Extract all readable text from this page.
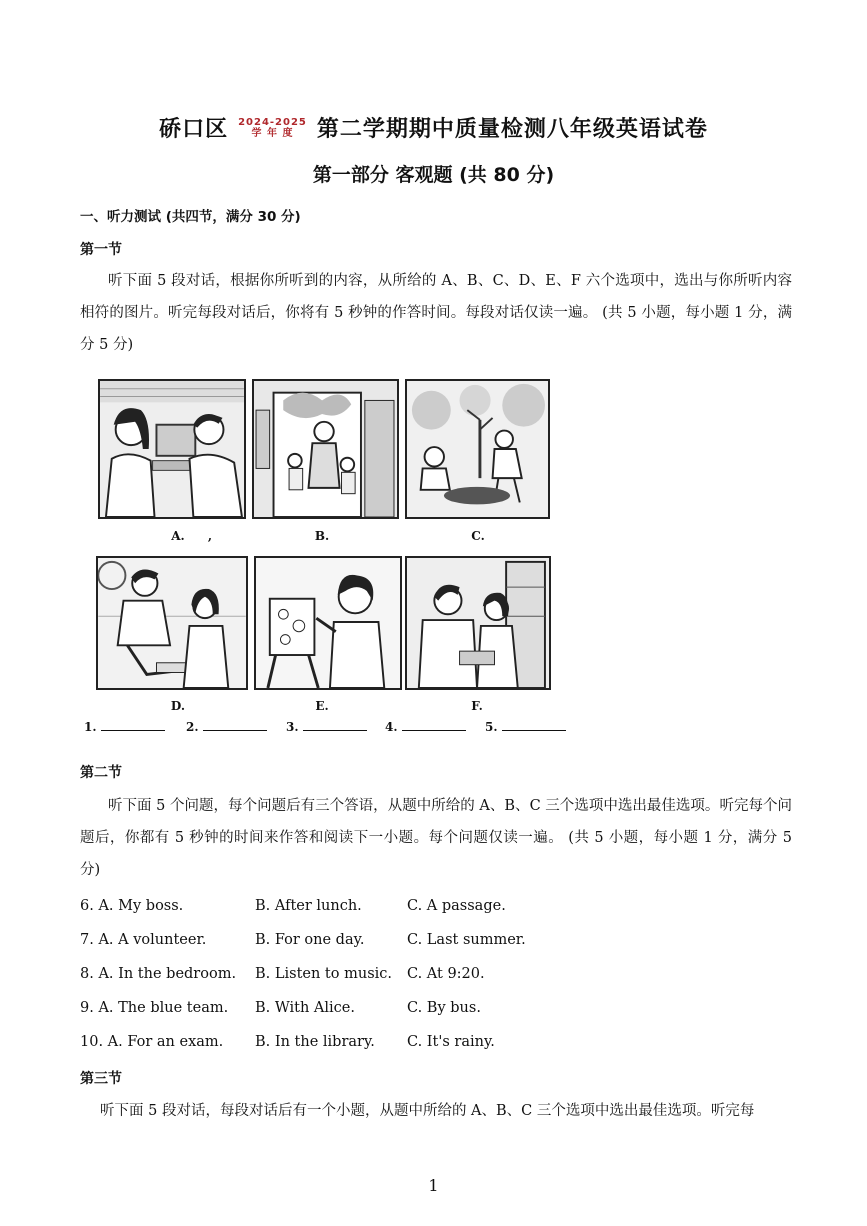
硚口区 2024-2025
学 年 度	第二学期期中质量检测八年级英语试卷
第一部分 客观题 (共 80 分)
一、听力测试 (共四节，满分 30 分)
第一节
听下面 5 段对话，根据你所听到的内容，从所给的 A、B、C、D、E、F 六个选项中，选出与你所听内容相符的图片。听完每段对话后，你将有 5 秒钟的作答时间。每段对话仅读一遍。 (共 5 小题，每小题 1 分，满分 5 分)
A.	,	B.	C.
D.	E.	F.
1.	2.	3.	4.	5.
第二节
听下面 5 个问题，每个问题后有三个答语，从题中所给的 A、B、C 三个选项中选出最佳选项。听完每个问题后，你都有 5 秒钟的时间来作答和阅读下一小题。每个问题仅读一遍。 (共 5 小题，每小题 1 分，满分 5 分)
6. A. My boss.	B. After lunch.	C. A passage.
7. A. A volunteer.	B. For one day.	C. Last summer.
8. A. In the bedroom. B. Listen to music. C. At 9:20.
9. A. The blue team. B. With Alice.	C. By bus.
10. A. For an exam. B. In the library. C. It's rainy.
第三节
听下面 5 段对话，每段对话后有一个小题，从题中所给的 A、B、C 三个选项中选出最佳选项。听完每
1
